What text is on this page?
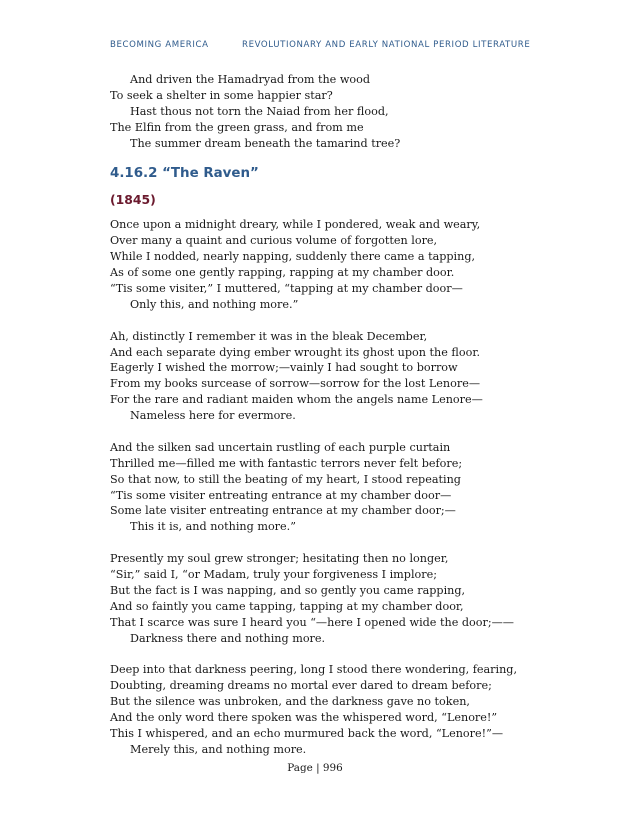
BECOMING AMERICA	REVOLUTIONARY AND EARLY NATIONAL PERIOD LITERATURE
And driven the Hamadryad from the wood
To seek a shelter in some happier star?
Hast thous not torn the Naiad from her flood,
The Elfin from the green grass, and from me
The summer dream beneath the tamarind tree?
4.16.2 “The Raven”
(1845)
Once upon a midnight dreary, while I pondered, weak and weary,
Over many a quaint and curious volume of forgotten lore,
While I nodded, nearly napping, suddenly there came a tapping,
As of some one gently rapping, rapping at my chamber door.
“Tis some visiter,” I muttered, “tapping at my chamber door—
Only this, and nothing more.”
Ah, distinctly I remember it was in the bleak December,
And each separate dying ember wrought its ghost upon the floor.
Eagerly I wished the morrow;—vainly I had sought to borrow
From my books surcease of sorrow—sorrow for the lost Lenore—
For the rare and radiant maiden whom the angels name Lenore—
Nameless here for evermore.
And the silken sad uncertain rustling of each purple curtain
Thrilled me—filled me with fantastic terrors never felt before;
So that now, to still the beating of my heart, I stood repeating
“Tis some visiter entreating entrance at my chamber door—
Some late visiter entreating entrance at my chamber door;—
This it is, and nothing more.”
Presently my soul grew stronger; hesitating then no longer,
“Sir,” said I, “or Madam, truly your forgiveness I implore;
But the fact is I was napping, and so gently you came rapping,
And so faintly you came tapping, tapping at my chamber door,
That I scarce was sure I heard you “—here I opened wide the door;——
Darkness there and nothing more.
Deep into that darkness peering, long I stood there wondering, fearing,
Doubting, dreaming dreams no mortal ever dared to dream before;
But the silence was unbroken, and the darkness gave no token,
And the only word there spoken was the whispered word, “Lenore!”
This I whispered, and an echo murmured back the word, “Lenore!”—
Merely this, and nothing more.
Page | 996
